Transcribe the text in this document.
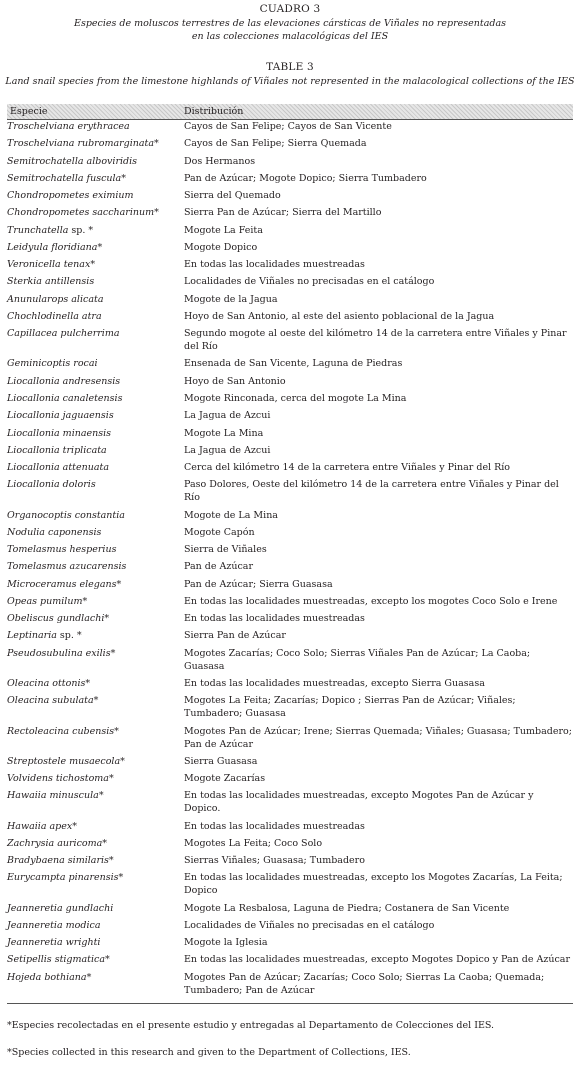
CUADRO 3
Especies de moluscos terrestres de las elevaciones cársticas de Viñales no representadas
en las colecciones malacológicas del IES
TABLE 3
Land snail species from the limestone highlands of Viñales not represented in the malacological collections of the IES
Especie	Distribución
Troschelviana erythracea	Cayos de San Felipe; Cayos de San Vicente
Troschelviana rubromarginata*	Cayos de San Felipe; Sierra Quemada
Semitrochatella alboviridis	Dos Hermanos
Semitrochatella fuscula*	Pan de Azúcar; Mogote Dopico; Sierra Tumbadero
Chondropometes eximium	Sierra del Quemado
Chondropometes saccharinum*	Sierra Pan de Azúcar; Sierra del Martillo
Trunchatella sp. *	Mogote La Feita
Leidyula floridiana*	Mogote Dopico
Veronicella tenax*	En todas las localidades muestreadas
Sterkia antillensis	Localidades de Viñales no precisadas en el catálogo
Anunularops alicata	Mogote de la Jagua
Chochlodinella atra	Hoyo de San Antonio, al este del asiento poblacional de la Jagua
Capillacea pulcherrima	Segundo mogote al oeste del kilómetro 14 de la carretera entre Viñales y Pinar del Río
Geminicoptis rocai	Ensenada de San Vicente, Laguna de Piedras
Liocallonia andresensis	Hoyo de San Antonio
Liocallonia canaletensis	Mogote Rinconada, cerca del mogote La Mina
Liocallonia jaguaensis	La Jagua de Azcui
Liocallonia minaensis	Mogote La Mina
Liocallonia triplicata	La Jagua de Azcui
Liocallonia attenuata	Cerca del kilómetro 14 de la carretera entre Viñales y Pinar del Río
Liocallonia doloris	Paso Dolores, Oeste del kilómetro 14 de la carretera entre Viñales y Pinar del Río
Organocoptis constantia	Mogote de La Mina
Nodulia caponensis	Mogote Capón
Tomelasmus hesperius	Sierra de Viñales
Tomelasmus azucarensis	Pan de Azúcar
Microceramus elegans*	Pan de Azúcar; Sierra Guasasa
Opeas pumilum*	En todas las localidades muestreadas, excepto los mogotes Coco Solo e Irene
Obeliscus gundlachi*	En todas las localidades muestreadas
Leptinaria sp. *	Sierra Pan de Azúcar
Pseudosubulina exilis*	Mogotes Zacarías; Coco Solo; Sierras Viñales Pan de Azúcar; La Caoba; Guasasa
Oleacina ottonis*	En todas las localidades muestreadas, excepto Sierra Guasasa
Oleacina subulata*	Mogotes La Feita; Zacarías; Dopico ; Sierras Pan de Azúcar; Viñales; Tumbadero; Guasasa
Rectoleacina cubensis*	Mogotes Pan de Azúcar; Irene; Sierras Quemada; Viñales; Guasasa; Tumbadero; Pan de Azúcar
Streptostele musaecola*	Sierra Guasasa
Volvidens tichostoma*	Mogote Zacarías
Hawaiia minuscula*	En todas las localidades muestreadas, excepto Mogotes Pan de Azúcar y Dopico.
Hawaiia apex*	En todas las localidades muestreadas
Zachrysia auricoma*	Mogotes La Feita; Coco Solo
Bradybaena similaris*	Sierras Viñales; Guasasa; Tumbadero
Eurycampta pinarensis*	En todas las localidades muestreadas, excepto los Mogotes Zacarías, La Feita; Dopico
Jeanneretia gundlachi	Mogote La Resbalosa, Laguna de Piedra; Costanera de San Vicente
Jeanneretia modica	Localidades de Viñales no precisadas en el catálogo
Jeanneretia wrighti	Mogote la Iglesia
Setipellis stigmatica*	En todas las localidades muestreadas, excepto Mogotes Dopico y Pan de Azúcar
Hojeda bothiana*	Mogotes Pan de Azúcar; Zacarías; Coco Solo; Sierras La Caoba; Quemada; Tumbadero; Pan de Azúcar
*Especies recolectadas en el presente estudio y entregadas al Departamento de Colecciones del IES.
*Species collected in this research and given to the Department of Collections, IES.
